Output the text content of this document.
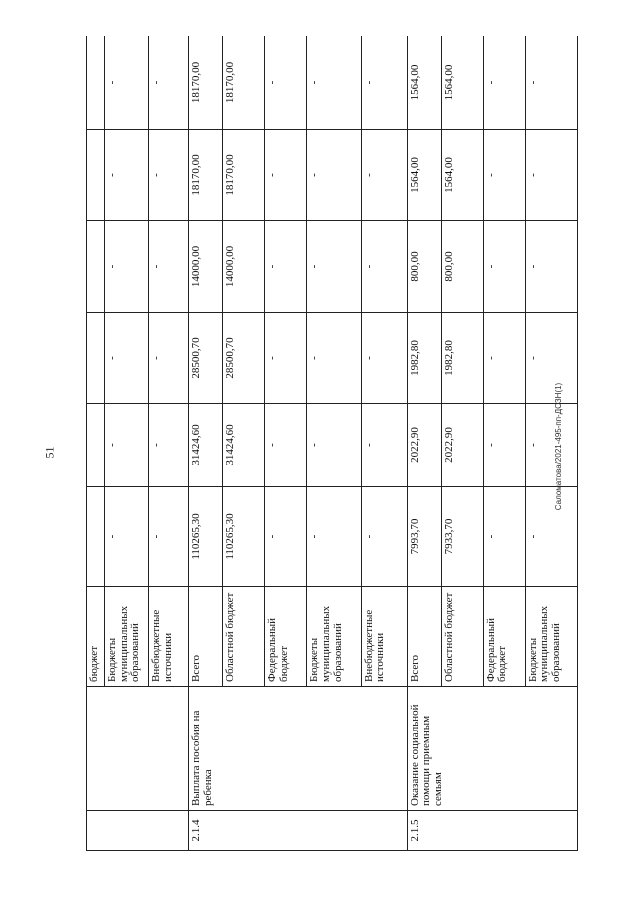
51	Саломатова/2021-495-пп-ДСЗН(1)
		бюджет						
		Бюджеты муниципальных образований	-	-	-	-	-	-
		Внебюджетные источники	-	-	-	-	-	-
2.1.4	Выплата пособия на ребенка	Всего	110265,30	31424,60	28500,70	14000,00	18170,00	18170,00
		Областной бюджет	110265,30	31424,60	28500,70	14000,00	18170,00	18170,00
		Федеральный бюджет	-	-	-	-	-	-
		Бюджеты муниципальных образований	-	-	-	-	-	-
		Внебюджетные источники	-	-	-	-	-	-
2.1.5	Оказание социальной помощи приемным семьям	Всего	7993,70	2022,90	1982,80	800,00	1564,00	1564,00
		Областной бюджет	7933,70	2022,90	1982,80	800,00	1564,00	1564,00
		Федеральный бюджет	-	-	-	-	-	-
		Бюджеты муниципальных образований	-	-	-	-	-	-
